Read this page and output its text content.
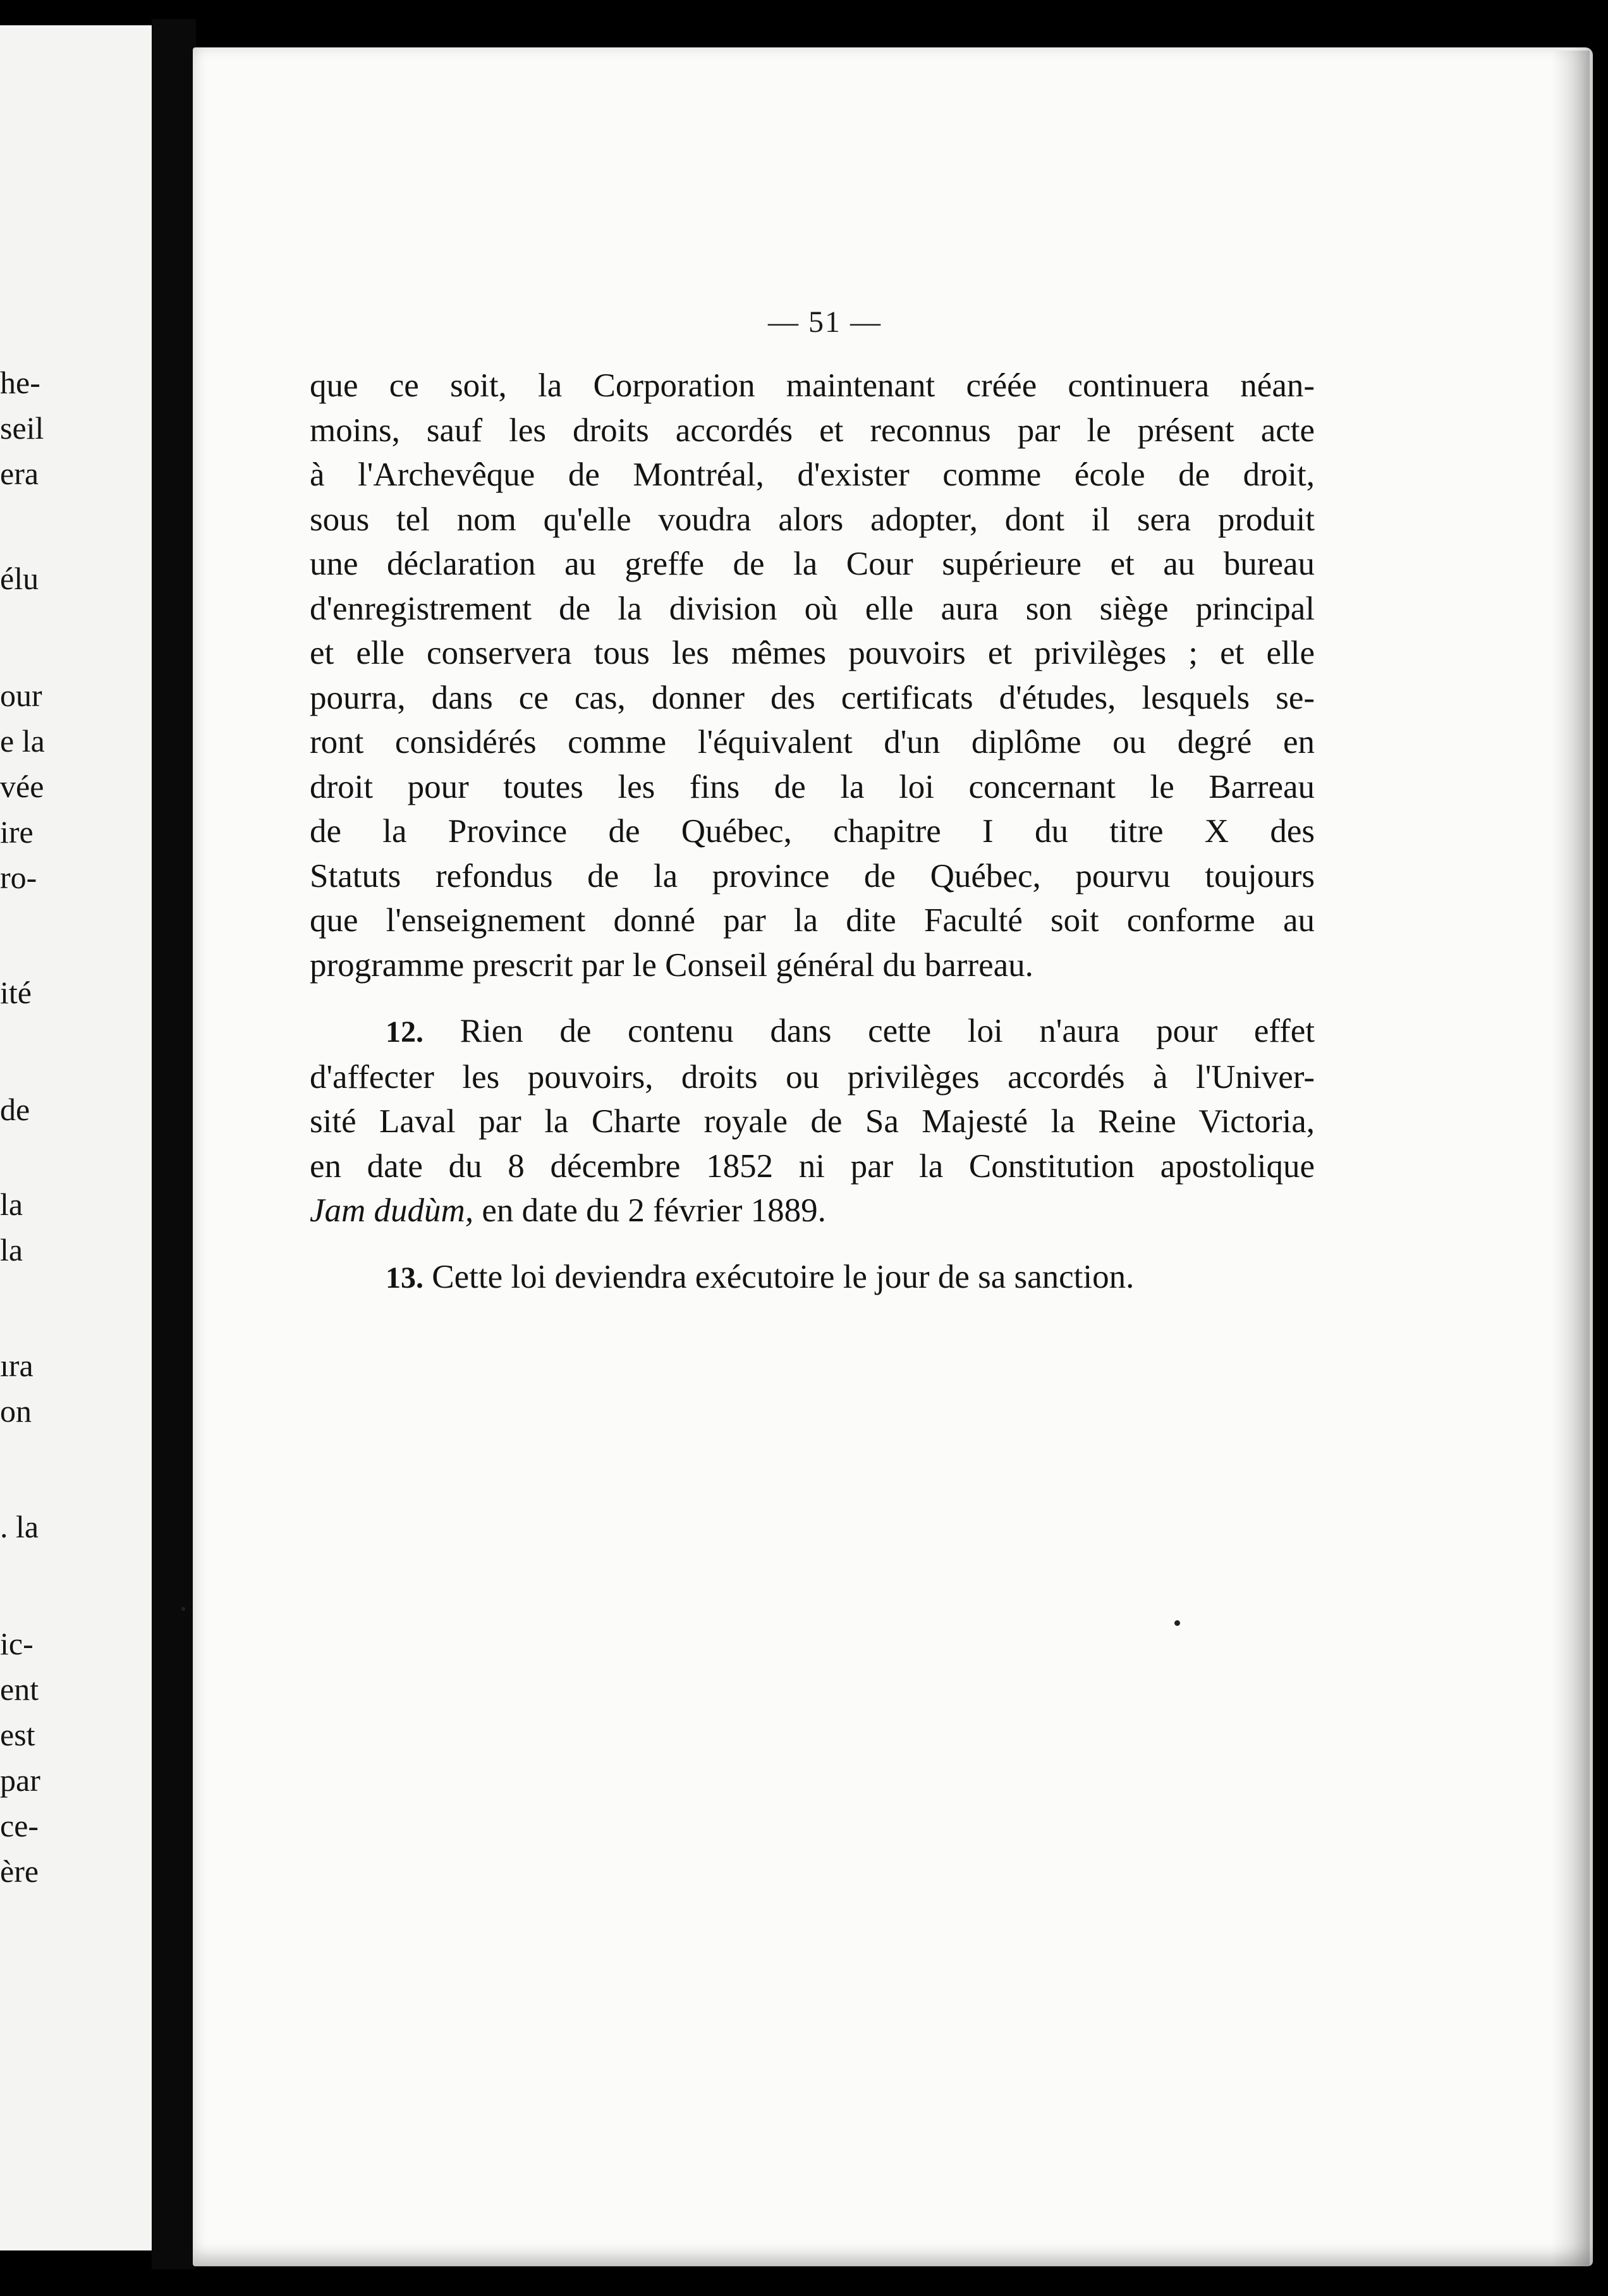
he-
seil
era
élu
our
e la
vée
ire
ro-
ité
de
la
la
ıra
on
. la
ic-
ent
est
par
ce-
ère
— 51 —
que ce soit, la Corporation maintenant créée continuera néan-
moins, sauf les droits accordés et reconnus par le présent acte
à l'Archevêque de Montréal, d'exister comme école de droit,
sous tel nom qu'elle voudra alors adopter, dont il sera produit
une déclaration au greffe de la Cour supérieure et au bureau
d'enregistrement de la division où elle aura son siège principal
et elle conservera tous les mêmes pouvoirs et privilèges ; et elle
pourra, dans ce cas, donner des certificats d'études, lesquels se-
ront considérés comme l'équivalent d'un diplôme ou degré en
droit pour toutes les fins de la loi concernant le Barreau
de la Province de Québec, chapitre I du titre X des
Statuts refondus de la province de Québec, pourvu toujours
que l'enseignement donné par la dite Faculté soit conforme au
programme prescrit par le Conseil général du barreau.
12. Rien de contenu dans cette loi n'aura pour effet
d'affecter les pouvoirs, droits ou privilèges accordés à l'Univer-
sité Laval par la Charte royale de Sa Majesté la Reine Victoria,
en date du 8 décembre 1852 ni par la Constitution apostolique
Jam dudùm, en date du 2 février 1889.
13. Cette loi deviendra exécutoire le jour de sa sanction.
